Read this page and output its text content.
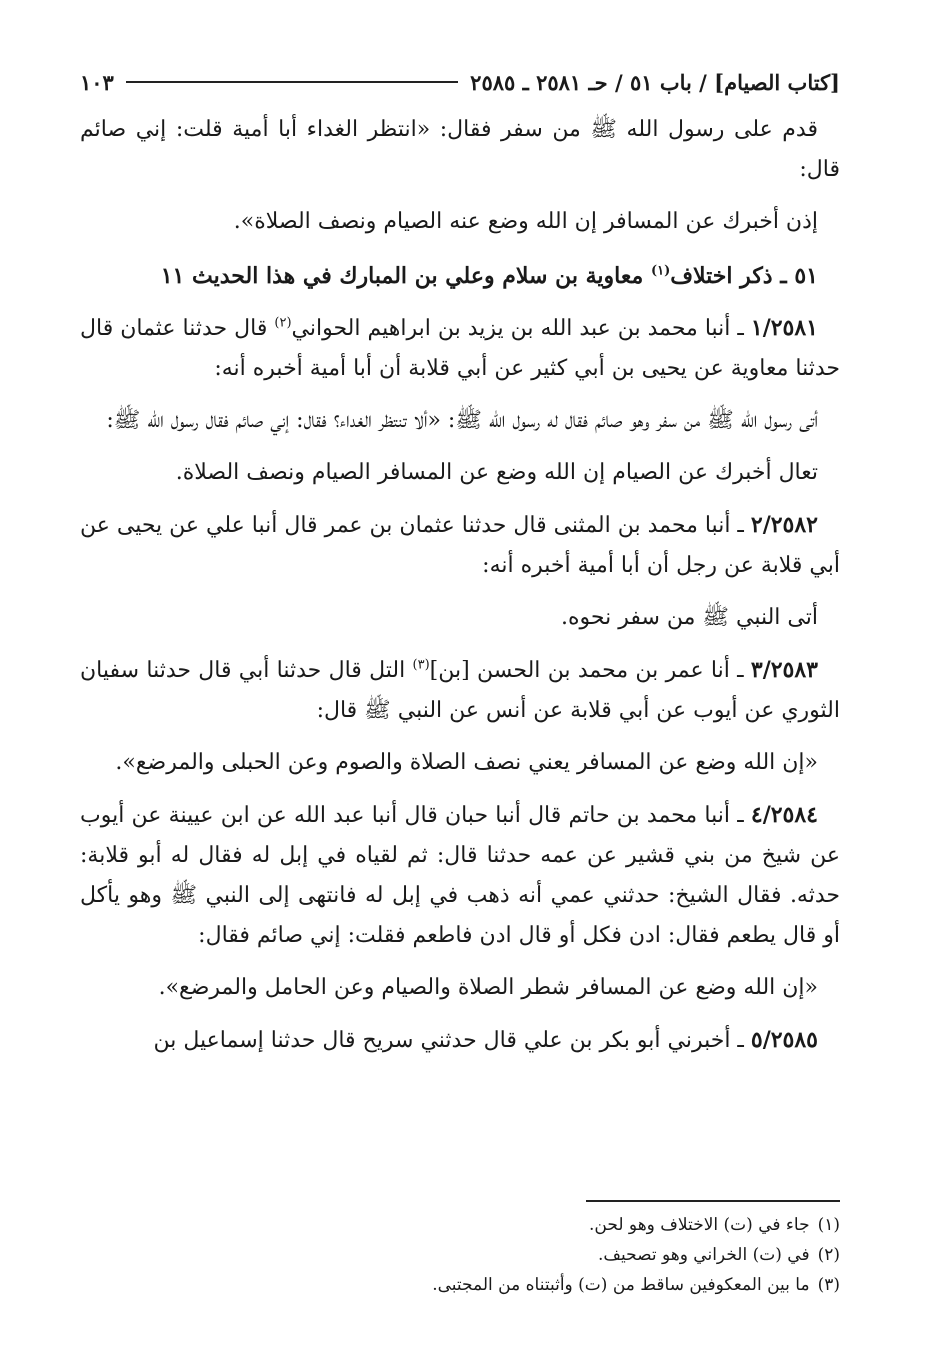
[كتاب الصيام] / باب ٥١ / حـ ٢٥٨١ ـ ٢٥٨٥
١٠٣

قدم على رسول الله ﷺ من سفر فقال: «انتظر الغداء أبا أمية قلت: إني صائم قال:

إذن أخبرك عن المسافر إن الله وضع عنه الصيام ونصف الصلاة».

٥١ ـ ذكر اختلاف$^{(١)}$ معاوية بن سلام وعلي بن المبارك في هذا الحديث ١١

١/٢٥٨١ ـ أنبا محمد بن عبد الله بن يزيد بن ابراهيم الحواني$^{(٢)}$ قال حدثنا عثمان قال حدثنا معاوية عن يحيى بن أبي كثير عن أبي قلابة أن أبا أمية أخبره أنه:

أتى رسول الله ﷺ من سفر وهو صائم فقال له رسول الله ﷺ: «ألا تنتظر الغداء؟ فقال: إني صائم فقال رسول الله ﷺ:

تعال أخبرك عن الصيام إن الله وضع عن المسافر الصيام ونصف الصلاة.

٢/٢٥٨٢ ـ أنبا محمد بن المثنى قال حدثنا عثمان بن عمر قال أنبا علي عن يحيى عن أبي قلابة عن رجل أن أبا أمية أخبره أنه:

أتى النبي ﷺ من سفر نحوه.

٣/٢٥٨٣ ـ أنا عمر بن محمد بن الحسن [بن]$^{(٣)}$ التل قال حدثنا أبي قال حدثنا سفيان الثوري عن أيوب عن أبي قلابة عن أنس عن النبي ﷺ قال:

«إن الله وضع عن المسافر يعني نصف الصلاة والصوم وعن الحبلى والمرضع».

٤/٢٥٨٤ ـ أنبا محمد بن حاتم قال أنبا حبان قال أنبا عبد الله عن ابن عيينة عن أيوب عن شيخ من بني قشير عن عمه حدثنا قال: ثم لقياه في إبل له فقال له أبو قلابة: حدثه. فقال الشيخ: حدثني عمي أنه ذهب في إبل له فانتهى إلى النبي ﷺ وهو يأكل أو قال يطعم فقال: ادن فكل أو قال ادن فاطعم فقلت: إني صائم فقال:

«إن الله وضع عن المسافر شطر الصلاة والصيام وعن الحامل والمرضع».

٥/٢٥٨٥ ـ أخبرني أبو بكر بن علي قال حدثني سريح قال حدثنا إسماعيل بن

(١)جاء في (ت) الاختلاف وهو لحن.

(٢)في (ت) الخراني وهو تصحيف.

(٣)ما بين المعكوفين ساقط من (ت) وأثبتناه من المجتبى.
